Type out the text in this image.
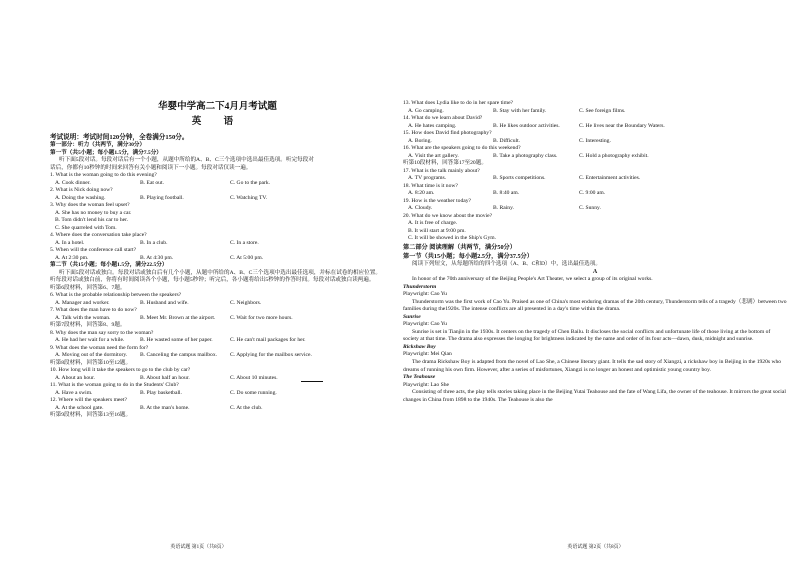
华婴中学高二下4月月考试题

英 语

考试说明：考试时间120分钟，全卷满分150分。
第一部分：听力（共两节，满分30分）
第一节（共5小题；每小题1.5分，满分7.5分）
听下面5段对话。每段对话后有一个小题，从题中所给的A、B、C三个选项中选出最佳选项。听完每段对
话后，你都有10秒钟的时间来回答有关小题和阅读下一小题。每段对话仅读一遍。
1. What is the woman going to do this evening?
A. Cook dinner.	B. Eat out.	C. Go to the park.
2. What is Nick doing now?
A. Doing the washing.	B. Playing football.	C. Watching TV.
3. Why does the woman feel upset?
A. She has no money to buy a car.
B. Tom didn't lend his car to her.
C. She quarreled with Tom.
4. Where does the conversation take place?
A. In a hotel.	B. In a club.	C. In a store.
5. When will the conference call start?
A. At 2:30 pm.	B. At 4:30 pm.	C. At 5:00 pm.
第二节（共15小题；每小题1.5分，满分22.5分）
听下面5段对话或独白。每段对话或独白后有几个小题，从题中所给的A、B、C三个选项中选出最佳选项，并标在试卷的相应位置。听每段对话或独白前，你将有时间阅读各个小题，每小题5秒钟；听完后，各小题将给出5秒钟的作答时间。每段对话或独白读两遍。
听第6段材料，回答第6、7题。
6. What is the probable relationship between the speakers?
A. Manager and worker.	B. Husband and wife.	C. Neighbors.
7. What does the man have to do now?
A. Talk with the woman.	B. Meet Mr. Brown at the airport.	C. Wait for two more hours.
听第7段材料，回答第8、9题。
8. Why does the man say sorry to the woman?
A. He had her wait for a while.	B. He wasted some of her paper.	C. He can't mail packages for her.
9. What does the woman need the form for?
A. Moving out of the dormitory.	B. Canceling the campus mailbox.	C. Applying for the mailbox service.
听第8段材料，回答第10至12题。
10. How long will it take the speakers to go to the club by car?
A. About an hour.	B. About half an hour.	C. About 10 minutes.
11. What is the woman going to do in the Students' Club?
A. Have a swim.	B. Play basketball.	C. Do some running.
12. Where will the speakers meet?
A. At the school gate.	B. At the man's home.	C. At the club.
听第9段材料，回答第13至16题。
英语试题 第1页（共8页）
13. What does Lydia like to do in her spare time?
A. Go camping.	B. Stay with her family.	C. See foreign films.
14. What do we learn about David?
A. He hates camping.	B. He likes outdoor activities.	C. He lives near the Boundary Waters.
15. How does David find photography?
A. Boring.	B. Difficult.	C. Interesting.
16. What are the speakers going to do this weekend?
A. Visit the art gallery.	B. Take a photography class.	C. Hold a photography exhibit.
听第10段材料，回答第17至20题。
17. What is the talk mainly about?
A. TV programs.	B. Sports competitions.	C. Entertainment activities.
18. What time is it now?
A. 8:20 am.	B. 8:40 am.	C. 9:00 am.
19. How is the weather today?
A. Cloudy.	B. Rainy.	C. Sunny.
20. What do we know about the movie?
A. It is free of charge.
B. It will start at 9:00 pm.
C. It will be showed in the Ship's Gym.
第二部分 阅读理解（共两节，满分50分）
第一节（共15小题；每小题2.5分，满分37.5分）
阅读下列短文，从每题所给的四个选项（A、B、C和D）中，选出最佳选项。
A
In honor of the 70th anniversary of the Beijing People's Art Theater, we select a group of its original works.
Thunderstorm
Playwright: Cao Yu
Thunderstorm was the first work of Cao Yu. Praised as one of China's most enduring dramas of the 20th century, Thunderstorm tells of a tragedy（悲剧）between two families during the1920s. The intense conflicts are all presented in a day's time within the drama.
Sunrise
Playwright: Cao Yu
Sunrise is set in Tianjin in the 1930s. It centers on the tragedy of Chen Bailu. It discloses the social conflicts and unfortunate life of those living at the bottom of society at that time. The drama also expresses the longing for brightness indicated by the name and order of its four acts—dawn, dusk, midnight and sunrise.
Rickshaw Boy
Playwright: Mei Qian
The drama Rickshaw Boy is adapted from the novel of Lao She, a Chinese literary giant. It tells the sad story of Xiangzi, a rickshaw boy in Beijing in the 1920s who dreams of running his own firm. However, after a series of misfortunes, Xiangzi is no longer an honest and optimistic young country boy.
The Teahouse
Playwright: Lao She
Consisting of three acts, the play tells stories taking place in the Beijing Yutai Teahouse and the fate of Wang Lifa, the owner of the teahouse. It mirrors the great social changes in China from 1898 to the 1940s. The Teahouse is also the
英语试题 第2页（共8页）
